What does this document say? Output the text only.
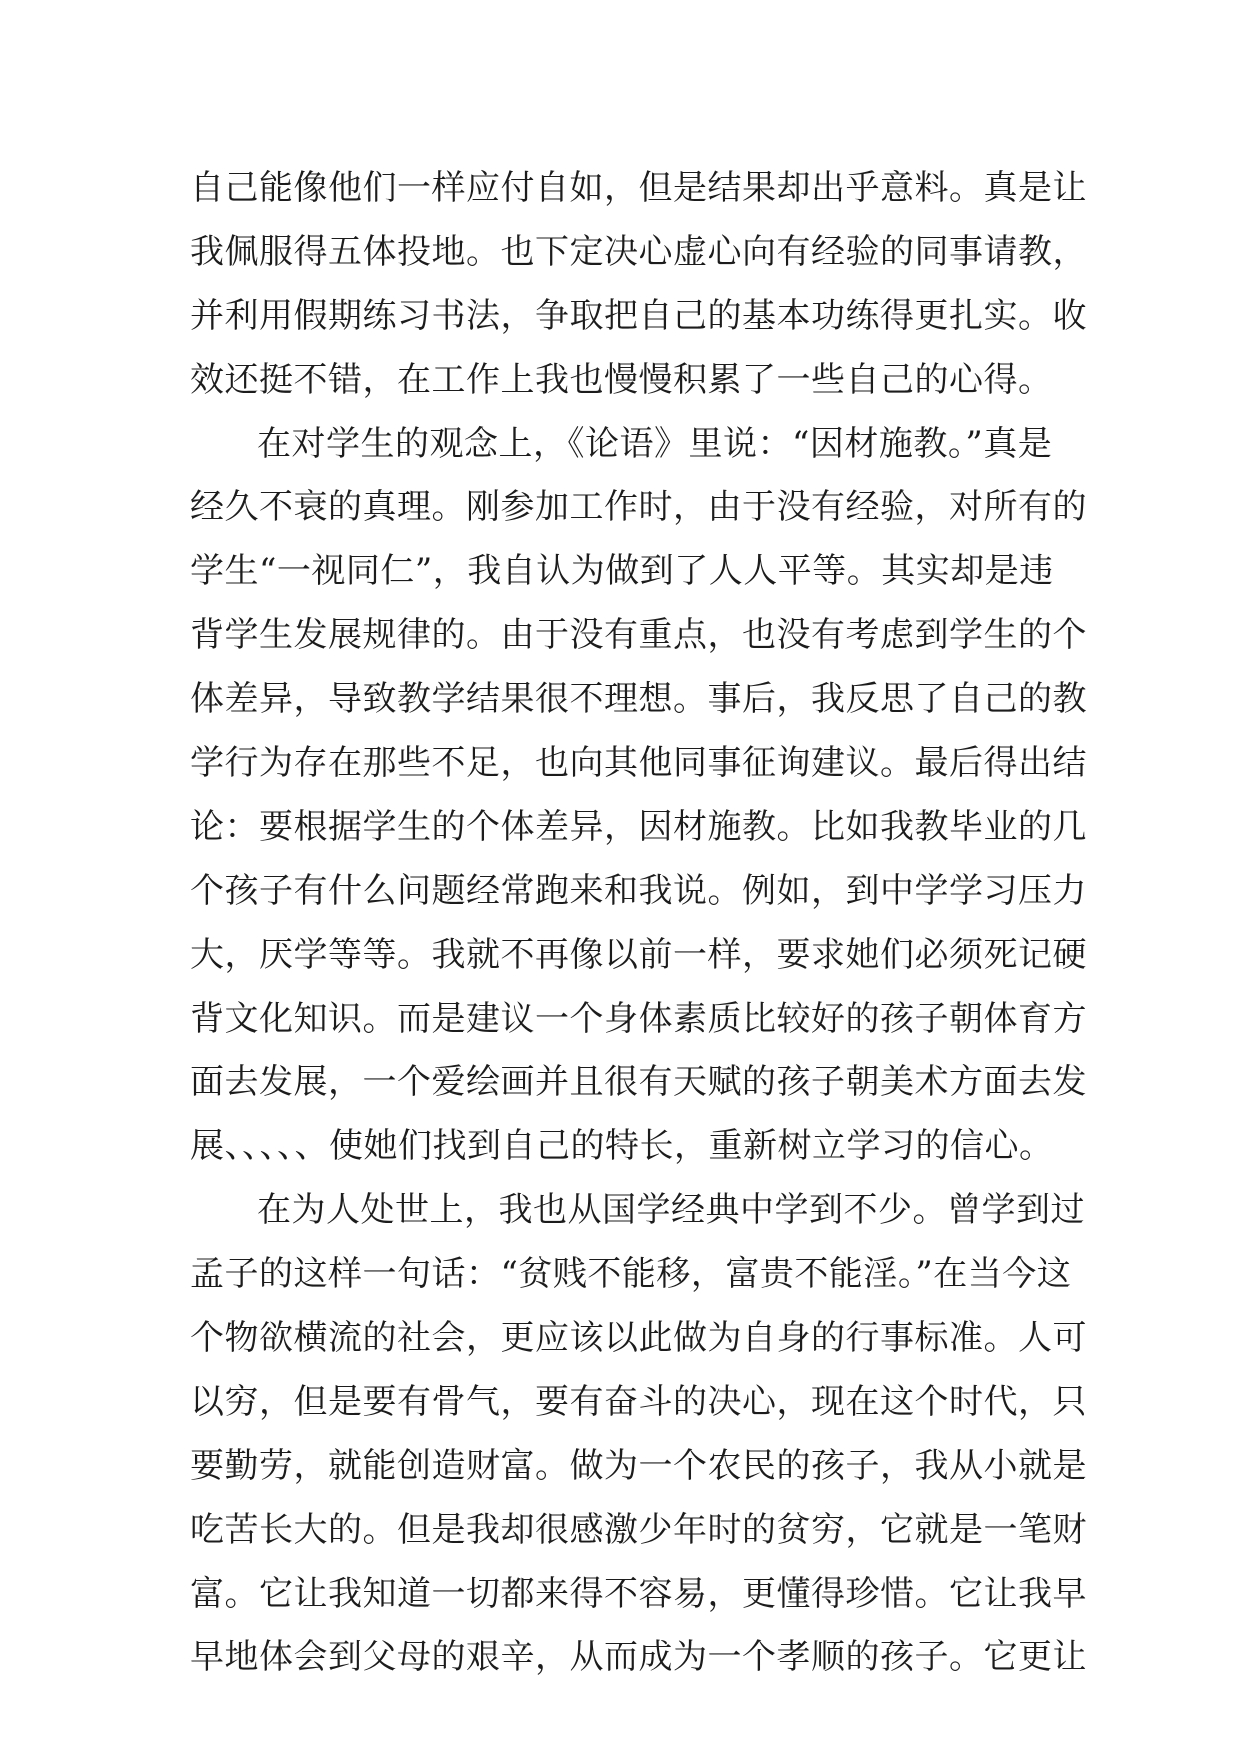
自己能像他们一样应付自如，但是结果却出乎意料。真是让
我佩服得五体投地。也下定决心虚心向有经验的同事请教，
并利用假期练习书法，争取把自己的基本功练得更扎实。收
效还挺不错，在工作上我也慢慢积累了一些自己的心得。
在对学生的观念上，《论语》里说：“因材施教。”真是
经久不衰的真理。刚参加工作时，由于没有经验，对所有的
学生“一视同仁”，我自认为做到了人人平等。其实却是违
背学生发展规律的。由于没有重点，也没有考虑到学生的个
体差异，导致教学结果很不理想。事后，我反思了自己的教
学行为存在那些不足，也向其他同事征询建议。最后得出结
论：要根据学生的个体差异，因材施教。比如我教毕业的几
个孩子有什么问题经常跑来和我说。例如，到中学学习压力
大，厌学等等。我就不再像以前一样，要求她们必须死记硬
背文化知识。而是建议一个身体素质比较好的孩子朝体育方
面去发展，一个爱绘画并且很有天赋的孩子朝美术方面去发
展、、、、、使她们找到自己的特长，重新树立学习的信心。
在为人处世上，我也从国学经典中学到不少。曾学到过
孟子的这样一句话：“贫贱不能移，富贵不能淫。”在当今这
个物欲横流的社会，更应该以此做为自身的行事标准。人可
以穷，但是要有骨气，要有奋斗的决心，现在这个时代，只
要勤劳，就能创造财富。做为一个农民的孩子，我从小就是
吃苦长大的。但是我却很感激少年时的贫穷，它就是一笔财
富。它让我知道一切都来得不容易，更懂得珍惜。它让我早
早地体会到父母的艰辛，从而成为一个孝顺的孩子。它更让
